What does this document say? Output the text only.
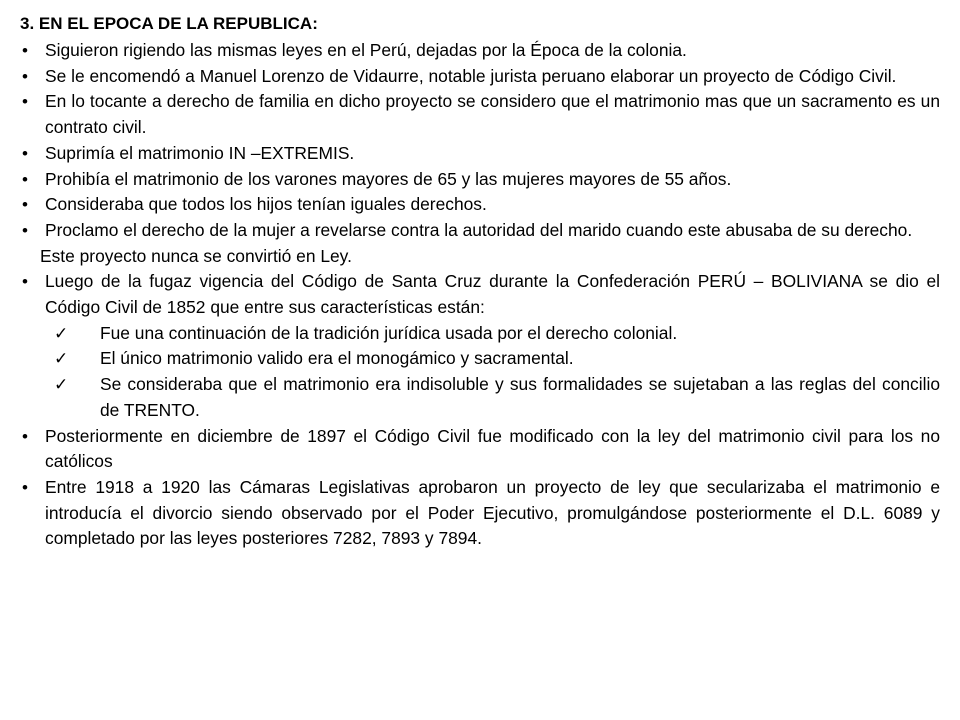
3. EN EL EPOCA DE LA REPUBLICA:

• Siguieron rigiendo las mismas leyes en el Perú, dejadas por la Época de la colonia.

• Se le encomendó a Manuel Lorenzo de Vidaurre, notable jurista peruano elaborar un proyecto de Código Civil.

• En lo tocante a derecho de familia en dicho proyecto se considero que el matrimonio mas que un sacramento es un contrato civil.

• Suprimía el matrimonio IN –EXTREMIS.

• Prohibía el matrimonio de los varones mayores de 65 y las mujeres mayores de 55 años.

• Consideraba que todos los hijos tenían iguales derechos.

• Proclamo el derecho de la mujer a revelarse contra la autoridad del marido cuando este abusaba de su derecho.

Este proyecto nunca se convirtió en Ley.

• Luego de la fugaz vigencia del Código de Santa Cruz durante la Confederación PERÚ – BOLIVIANA se dio el Código Civil de 1852 que entre sus características están:

✓ Fue una continuación de la tradición jurídica usada por el derecho colonial.

✓ El único matrimonio valido era el monogámico y sacramental.

✓ Se consideraba que el matrimonio era indisoluble y sus formalidades se sujetaban a las reglas del concilio de TRENTO.

• Posteriormente en diciembre de 1897 el Código Civil fue modificado con la ley del matrimonio civil para los no católicos

• Entre 1918 a 1920 las Cámaras Legislativas aprobaron un proyecto de ley que secularizaba el matrimonio e introducía el divorcio siendo observado por el Poder Ejecutivo, promulgándose posteriormente el D.L. 6089 y completado por las leyes posteriores 7282, 7893 y 7894.
